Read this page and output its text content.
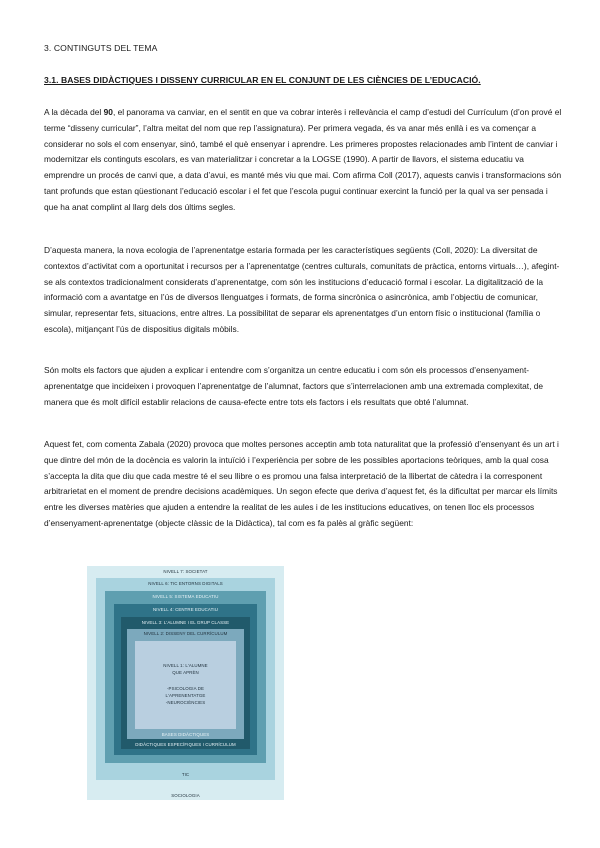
3. CONTINGUTS DEL TEMA
3.1. BASES DIDÀCTIQUES I DISSENY CURRICULAR EN EL CONJUNT DE LES CIÈNCIES DE L’EDUCACIÓ.

A la dècada del 90, el panorama va canviar, en el sentit en que va cobrar interès i rellevància el camp d’estudi del Currículum (d’on prové el terme “disseny curricular”, l’altra meitat del nom que rep l’assignatura). Per primera vegada, és va anar més enllà i es va començar a considerar no sols el com ensenyar, sinó, també el què ensenyar i aprendre. Les primeres propostes relacionades amb l’intent de canviar i modernitzar els continguts escolars, es van materialitzar i concretar a la LOGSE (1990). A partir de llavors, el sistema educatiu va emprendre un procés de canvi que, a data d’avui, es manté més viu que mai. Com afirma Coll (2017), aquests canvis i transformacions són tant profunds que estan qüestionant l’educació escolar i el fet que l’escola pugui continuar exercint la funció per la qual va ser pensada i que ha anat complint al llarg dels dos últims segles.

D’aquesta manera, la nova ecologia de l’aprenentatge estaria formada per les característiques següents (Coll, 2020): La diversitat de contextos d’activitat com a oportunitat i recursos per a l’aprenentatge (centres culturals, comunitats de pràctica, entorns virtuals…), afegint-se als contextos tradicionalment considerats d’aprenentatge, com són les institucions d’educació formal i escolar. La digitalització de la informació com a avantatge en l’ús de diversos llenguatges i formats, de forma sincrònica o asincrònica, amb l’objectiu de comunicar, simular, representar fets, situacions, entre altres. La possibilitat de separar els aprenentatges d’un entorn físic o institucional (família o escola), mitjançant l’ús de dispositius digitals mòbils.

Són molts els factors que ajuden a explicar i entendre com s’organitza un centre educatiu i com són els processos d’ensenyament-aprenentatge que incideixen i provoquen l’aprenentatge de l’alumnat, factors que s’interrelacionen amb una extremada complexitat, de manera que és molt difícil establir relacions de causa-efecte entre tots els factors i els resultats que obté l’alumnat.

Aquest fet, com comenta Zabala (2020) provoca que moltes persones acceptin amb tota naturalitat que la professió d’ensenyant és un art i que dintre del món de la docència es valorin la intuïció i l’experiència per sobre de les possibles aportacions teòriques, amb la qual cosa s’accepta la dita que diu que cada mestre té el seu llibre o es promou una falsa interpretació de la llibertat de càtedra i la corresponent arbitrarietat en el moment de prendre decisions acadèmiques. Un segon efecte que deriva d’aquest fet, és la dificultat per marcar els límits entre les diverses matèries que ajuden a entendre la realitat de les aules i de les institucions educatives, on tenen lloc els processos d’ensenyament-aprenentatge (objecte clàssic de la Didàctica), tal com es fa palès al gràfic següent:

NIVELL 7: SOCIETAT
SOCIOLOGIA
NIVELL 6: TIC ENTORNS DIGITALS
TIC
NIVELL 5: SISTEMA EDUCATIU
NIVELL 4: CENTRE EDUCATIU
NIVELL 3: L'ALUMNE I EL GRUP CLASSE
DIDÀCTIQUES ESPECÍFIQUES I CURRÍCULUM
NIVELL 2: DISSENY DEL CURRÍCULUM
BASES DIDÀCTIQUES
NIVELL 1: L'ALUMNE
QUE APRÈN
-PSICOLOGIA DE
L'APRENENTATGE
-NEUROCIÈNCIES
